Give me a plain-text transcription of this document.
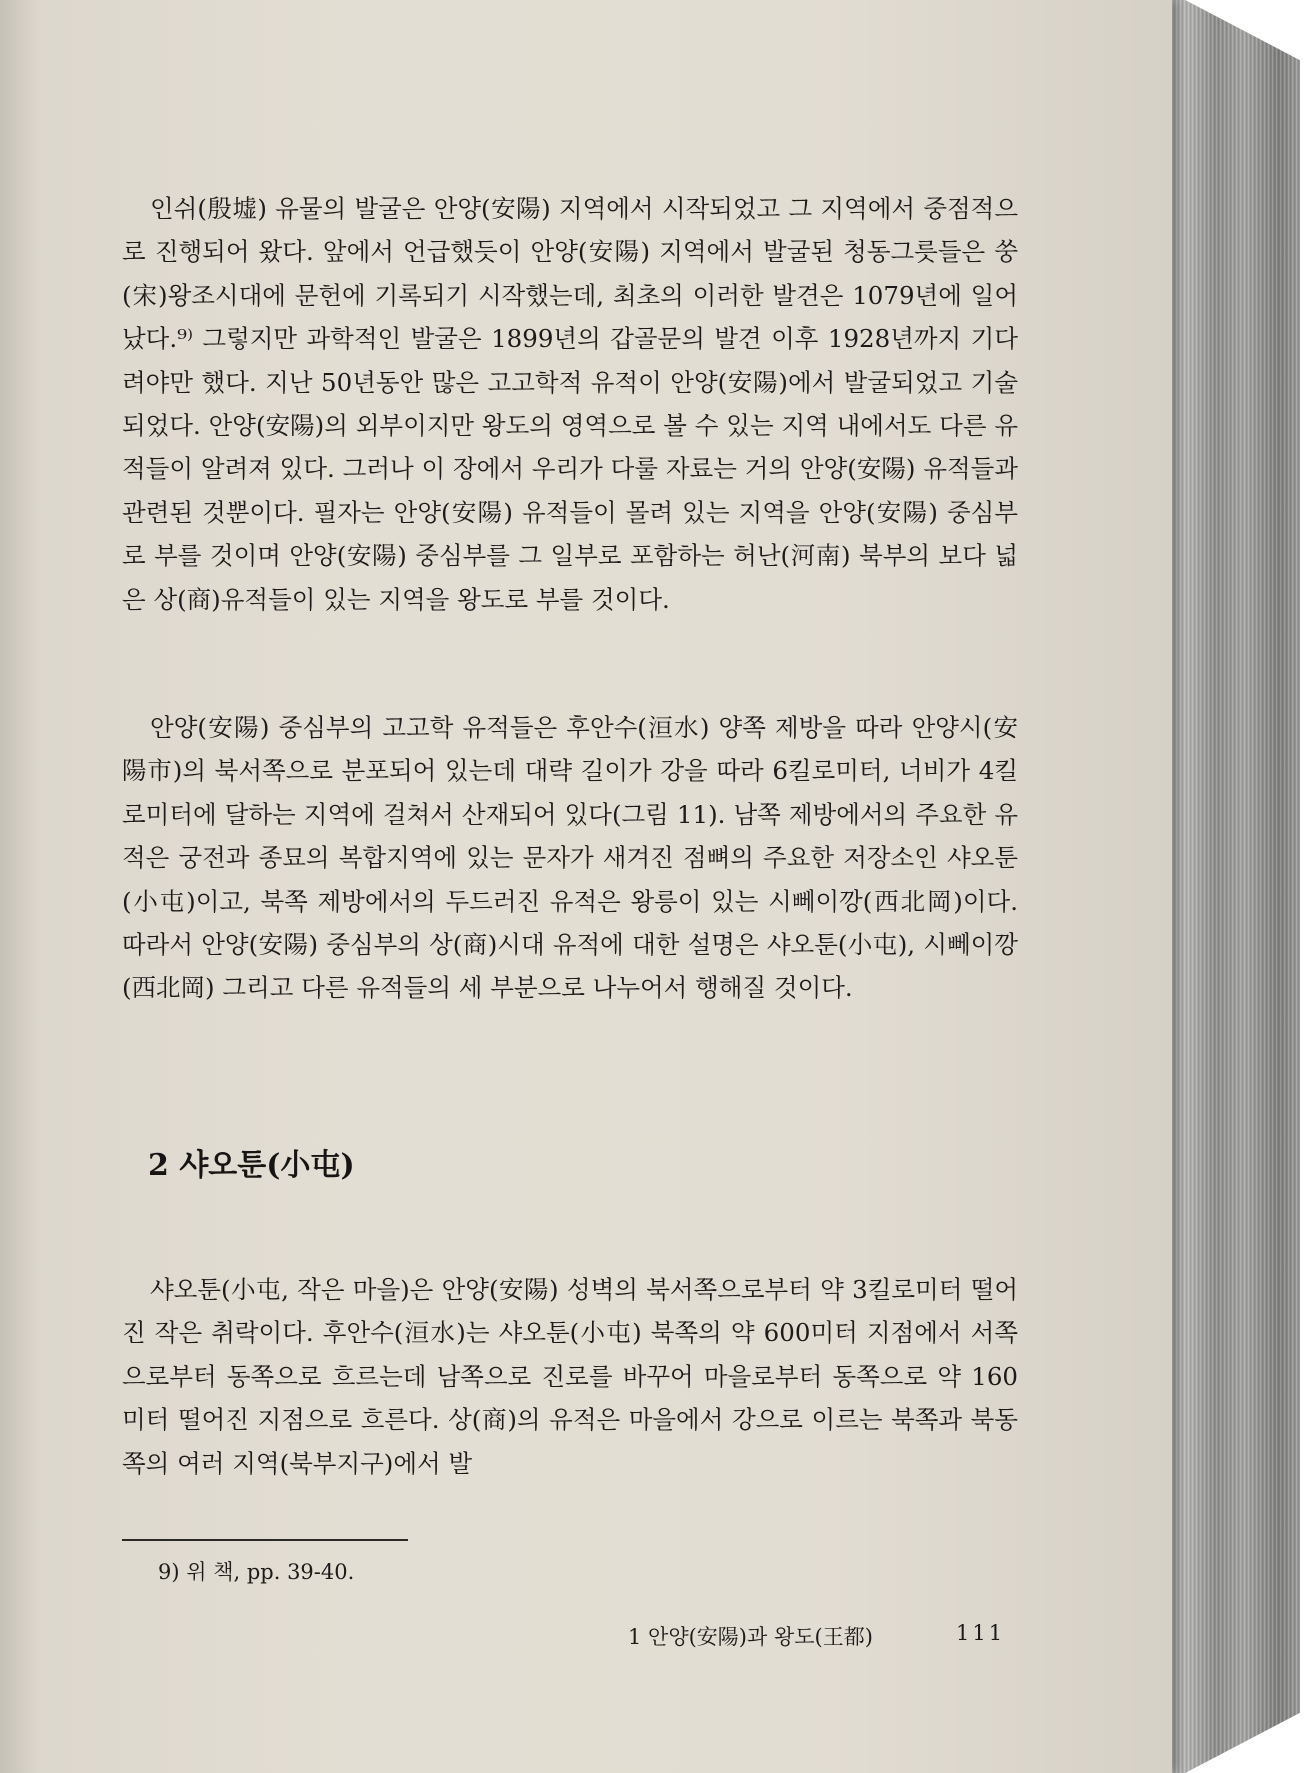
인쉬(殷墟) 유물의 발굴은 안양(安陽) 지역에서 시작되었고 그 지역에서 중점적으로 진행되어 왔다. 앞에서 언급했듯이 안양(安陽) 지역에서 발굴된 청동그릇들은 쑹(宋)왕조시대에 문헌에 기록되기 시작했는데, 최초의 이러한 발견은 1079년에 일어났다.⁹⁾ 그렇지만 과학적인 발굴은 1899년의 갑골문의 발견 이후 1928년까지 기다려야만 했다. 지난 50년동안 많은 고고학적 유적이 안양(安陽)에서 발굴되었고 기술되었다. 안양(安陽)의 외부이지만 왕도의 영역으로 볼 수 있는 지역 내에서도 다른 유적들이 알려져 있다. 그러나 이 장에서 우리가 다룰 자료는 거의 안양(安陽) 유적들과 관련된 것뿐이다. 필자는 안양(安陽) 유적들이 몰려 있는 지역을 안양(安陽) 중심부로 부를 것이며 안양(安陽) 중심부를 그 일부로 포함하는 허난(河南) 북부의 보다 넓은 상(商)유적들이 있는 지역을 왕도로 부를 것이다.

안양(安陽) 중심부의 고고학 유적들은 후안수(洹水) 양쪽 제방을 따라 안양시(安陽市)의 북서쪽으로 분포되어 있는데 대략 길이가 강을 따라 6킬로미터, 너비가 4킬로미터에 달하는 지역에 걸쳐서 산재되어 있다(그림 11). 남쪽 제방에서의 주요한 유적은 궁전과 종묘의 복합지역에 있는 문자가 새겨진 점뼈의 주요한 저장소인 샤오툰(小屯)이고, 북쪽 제방에서의 두드러진 유적은 왕릉이 있는 시뻬이깡(西北岡)이다. 따라서 안양(安陽) 중심부의 상(商)시대 유적에 대한 설명은 샤오툰(小屯), 시뻬이깡(西北岡) 그리고 다른 유적들의 세 부분으로 나누어서 행해질 것이다.

2 샤오툰(小屯)

샤오툰(小屯, 작은 마을)은 안양(安陽) 성벽의 북서쪽으로부터 약 3킬로미터 떨어진 작은 취락이다. 후안수(洹水)는 샤오툰(小屯) 북쪽의 약 600미터 지점에서 서쪽으로부터 동쪽으로 흐르는데 남쪽으로 진로를 바꾸어 마을로부터 동쪽으로 약 160미터 떨어진 지점으로 흐른다. 상(商)의 유적은 마을에서 강으로 이르는 북쪽과 북동쪽의 여러 지역(북부지구)에서 발

9) 위 책, pp. 39-40.

1 안양(安陽)과 왕도(王都)	111
